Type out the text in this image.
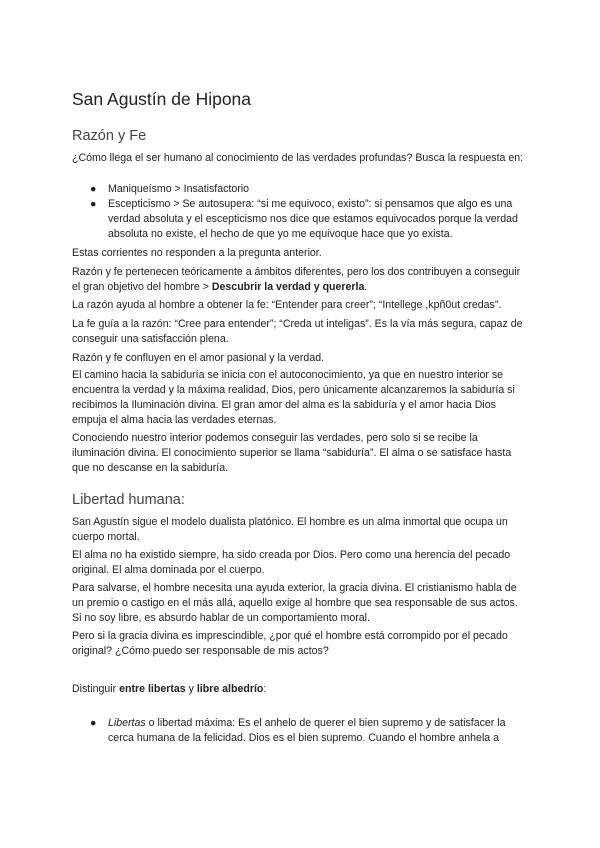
San Agustín de Hipona
Razón y Fe

¿Cómo llega el ser humano al conocimiento de las verdades profundas? Busca la respuesta en:

● Maniqueísmo > Insatisfactorio
● Escepticismo > Se autosupera: “si me equivoco, existo”: si pensamos que algo es una verdad absoluta y el escepticismo nos dice que estamos equivocados porque la verdad absoluta no existe, el hecho de que yo me equivoque hace que yo exista.

Estas corrientes no responden a la pregunta anterior.

Razón y fe pertenecen teóricamente a ámbitos diferentes, pero los dos contribuyen a conseguir el gran objetivo del hombre > Descubrir la verdad y quererla.

La razón ayuda al hombre a obtener la fe: “Entender para creer”; “Intellege ,kpñ0ut credas”.

La fe guía a la razón: “Cree para entender”; “Creda ut inteligas”. Es la vía más segura, capaz de conseguir una satisfacción plena.

Razón y fe confluyen en el amor pasional y la verdad.

El camino hacia la sabiduría se inicia con el autoconocimiento, ya que en nuestro interior se encuentra la verdad y la máxima realidad, Dios, pero únicamente alcanzaremos la sabiduría si recibimos la Iluminación divina. El gran amor del alma es la sabiduría y el amor hacia Dios empuja el alma hacia las verdades eternas.

Conociendo nuestro interior podemos conseguir las verdades, pero solo si se recibe la iluminación divina. El conocimiento superior se llama “sabiduría”. El alma o se satisface hasta que no descanse en la sabiduría.

Libertad humana:

San Agustín sigue el modelo dualista platónico. El hombre es un alma inmortal que ocupa un cuerpo mortal.

El alma no ha existido siempre, ha sido creada por Dios. Pero como una herencia del pecado original. El alma dominada por el cuerpo.

Para salvarse, el hombre necesita una ayuda exterior, la gracia divina. El cristianismo habla de un premio o castigo en el más allá, aquello exige al hombre que sea responsable de sus actos. Si no soy libre, es absurdo hablar de un comportamiento moral.

Pero si la gracia divina es imprescindible, ¿por qué el hombre está corrompido por el pecado original? ¿Cómo puedo ser responsable de mis actos?

Distinguir entre libertas y libre albedrío:

● Libertas o libertad máxima: Es el anhelo de querer el bien supremo y de satisfacer la cerca humana de la felicidad. Dios es el bien supremo. Cuando el hombre anhela a
